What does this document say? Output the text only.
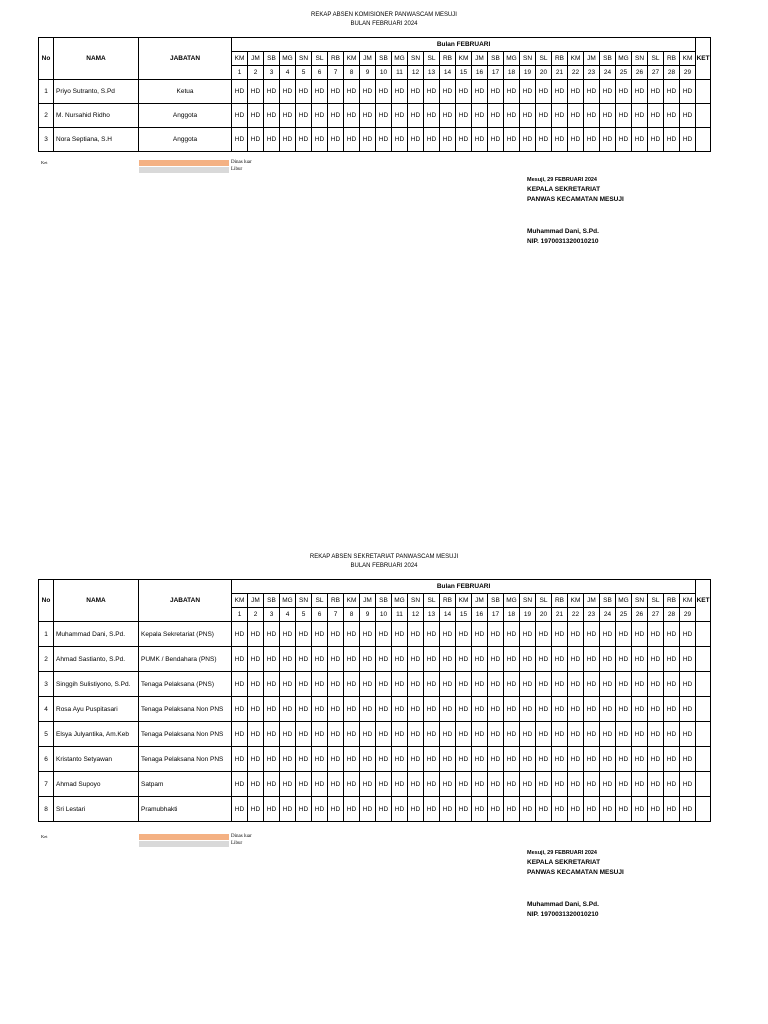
REKAP ABSEN KOMISIONER PANWASCAM MESUJI
BULAN FEBRUARI 2024
No	NAMA	JABATAN	Bulan FEBRUARI																													KET
			KM	JM	SB	MG	SN	SL	RB	KM	JM	SB	MG	SN	SL	RB	KM	JM	SB	MG	SN	SL	RB	KM	JM	SB	MG	SN	SL	RB	KM	
			1	2	3	4	5	6	7	8	9	10	11	12	13	14	15	16	17	18	19	20	21	22	23	24	25	26	27	28	29	
1	Priyo Sutranto, S.Pd	Ketua	HD	HD	HD	HD	HD	HD	HD	HD	HD	HD	HD	HD	HD	HD	HD	HD	HD	HD	HD	HD	HD	HD	HD	HD	HD	HD	HD	HD	HD	
2	M. Nursahid Ridho	Anggota	HD	HD	HD	HD	HD	HD	HD	HD	HD	HD	HD	HD	HD	HD	HD	HD	HD	HD	HD	HD	HD	HD	HD	HD	HD	HD	HD	HD	HD	
3	Nora Septiana, S.H	Anggota	HD	HD	HD	HD	HD	HD	HD	HD	HD	HD	HD	HD	HD	HD	HD	HD	HD	HD	HD	HD	HD	HD	HD	HD	HD	HD	HD	HD	HD	
Ket	Dinas luar
Libur
Mesuji, 29 FEBRUARI 2024
KEPALA SEKRETARIAT
PANWAS KECAMATAN MESUJI
Muhammad Dani, S.Pd.
NIP. 1970031320010210
REKAP ABSEN SEKRETARIAT PANWASCAM MESUJI
BULAN FEBRUARI 2024
No	NAMA	JABATAN	Bulan FEBRUARI																													KET
			KM	JM	SB	MG	SN	SL	RB	KM	JM	SB	MG	SN	SL	RB	KM	JM	SB	MG	SN	SL	RB	KM	JM	SB	MG	SN	SL	RB	KM	
			1	2	3	4	5	6	7	8	9	10	11	12	13	14	15	16	17	18	19	20	21	22	23	24	25	26	27	28	29	
1	Muhammad Dani, S.Pd.	Kepala Sekretariat (PNS)	HD	HD	HD	HD	HD	HD	HD	HD	HD	HD	HD	HD	HD	HD	HD	HD	HD	HD	HD	HD	HD	HD	HD	HD	HD	HD	HD	HD	HD	
2	Ahmad Sastianto, S.Pd.	PUMK / Bendahara (PNS)	HD	HD	HD	HD	HD	HD	HD	HD	HD	HD	HD	HD	HD	HD	HD	HD	HD	HD	HD	HD	HD	HD	HD	HD	HD	HD	HD	HD	HD	
3	Singgih Sulistiyono, S.Pd.	Tenaga Pelaksana (PNS)	HD	HD	HD	HD	HD	HD	HD	HD	HD	HD	HD	HD	HD	HD	HD	HD	HD	HD	HD	HD	HD	HD	HD	HD	HD	HD	HD	HD	HD	
4	Rosa Ayu Puspitasari	Tenaga Pelaksana Non PNS	HD	HD	HD	HD	HD	HD	HD	HD	HD	HD	HD	HD	HD	HD	HD	HD	HD	HD	HD	HD	HD	HD	HD	HD	HD	HD	HD	HD	HD	
5	Elsya Julyantika, Am.Keb	Tenaga Pelaksana Non PNS	HD	HD	HD	HD	HD	HD	HD	HD	HD	HD	HD	HD	HD	HD	HD	HD	HD	HD	HD	HD	HD	HD	HD	HD	HD	HD	HD	HD	HD	
6	Kristanto Setyawan	Tenaga Pelaksana Non PNS	HD	HD	HD	HD	HD	HD	HD	HD	HD	HD	HD	HD	HD	HD	HD	HD	HD	HD	HD	HD	HD	HD	HD	HD	HD	HD	HD	HD	HD	
7	Ahmad Supoyo	Satpam	HD	HD	HD	HD	HD	HD	HD	HD	HD	HD	HD	HD	HD	HD	HD	HD	HD	HD	HD	HD	HD	HD	HD	HD	HD	HD	HD	HD	HD	
8	Sri Lestari	Pramubhakti	HD	HD	HD	HD	HD	HD	HD	HD	HD	HD	HD	HD	HD	HD	HD	HD	HD	HD	HD	HD	HD	HD	HD	HD	HD	HD	HD	HD	HD	
Ket	Dinas luar
Libur
Mesuji, 29 FEBRUARI 2024
KEPALA SEKRETARIAT
PANWAS KECAMATAN MESUJI
Muhammad Dani, S.Pd.
NIP. 1970031320010210
